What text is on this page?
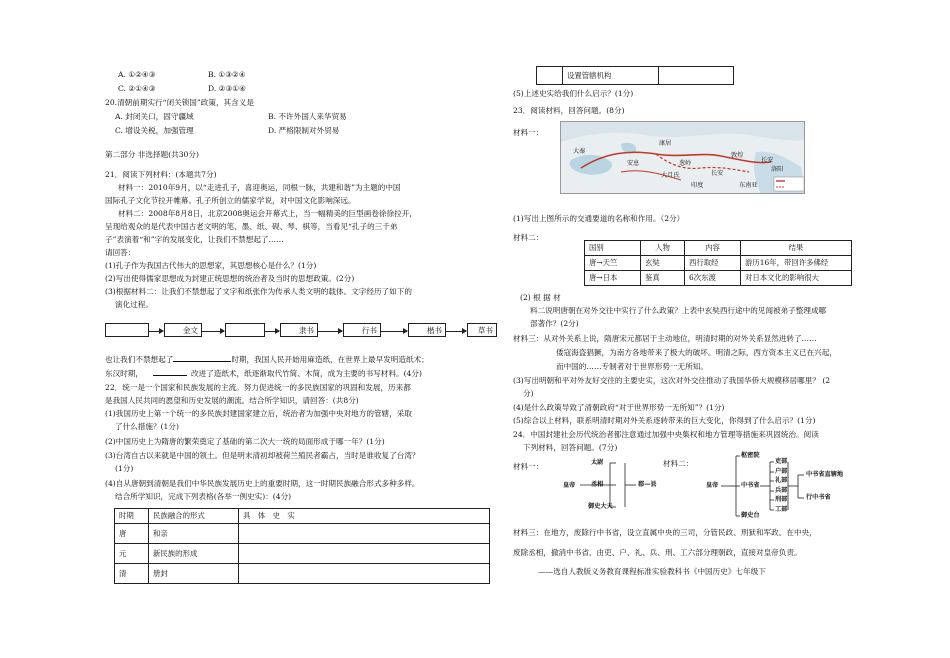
A. ①②④③	B. ①③②④
C. ②①④③	D. ②③①④
20.清朝前期实行“闭关锁国”政策，其含义是
A. 封闭关口，固守疆域	B. 不许外国人来华贸易
C. 增设关税，加强管理	D. 严格限制对外贸易
第二部分 非选择题(共30分)
21．阅读下列材料：(本题共7分)
材料一：2010年9月，以“走进孔子，喜迎奥运，同根一脉，共建和谐”为主题的中国
国际孔子文化节拉开帷幕。孔子所创立的儒家学说，对中国文化影响深远。
材料二：2008年8月8日，北京2008奥运会开幕式上，当一幅精美的巨型画卷徐徐拉开，
呈现给观众的是代表中国古老文明的笔、墨、纸、砚、琴、棋等，当看见“孔子的三千弟
子”表演着“和”字的发展变化，让我们不禁想起了……
请回答：
(1)孔子作为我国古代伟大的思想家，其思想核心是什么？(1分)
(2)写出使得儒家思想成为封建正统思想的统治者及当时的思想政策。(2分)
(3)根据材料二：让我们不禁想起了文字和纸张作为传承人类文明的载体。文字经历了如下的
演化过程。
金文	隶书	行书	楷书	草书
也让我们不禁想起了	时期，我国人民开始用麻造纸，在世界上最早发明造纸术；
东汉时期，	改进了造纸术，纸逐渐取代竹简、木简，成为主要的书写材料。(4分)
22．统一是一个国家和民族发展的主流。努力促进统一的多民族国家的巩固和发展，历来都
是我国人民共同的愿望和历史发展的潮流。结合所学知识，请回答：(共8分)
(1)我国历史上第一个统一的多民族封建国家建立后，统治者为加强中央对地方的管辖，采取
了什么措施？(1分)
(2)中国历史上为隋唐的繁荣奠定了基础的第二次大一统的局面形成于哪一年？(1分)
(3)台湾自古以来就是中国的领土。但是明末清初却被荷兰殖民者霸占，当时是谁收复了台湾？
(1分)
(4)自从唐朝到清朝是我们中华民族发展历史上的重要时期，这一时期民族融合形式多种多样。
结合所学知识，完成下列表格(各举一例史实)：(4分)
时期	民族融合的形式	具　体　史　实
唐	和亲	
元	新民族的形成	
清	册封	
	设置管辖机构	
(5)上述史实给我们什么启示？(1分)
23．阅读材料，回答问题。(8分)
材料一：
敦煌
长安
洛阳
葱岭
安息
大秦
康居
大月氏	长安
东南亚
印度
(1)写出上图所示的交通要道的名称和作用。（2分）
材料二：
国别	人物	内容	结果
唐→天竺	玄奘	西行取经	游历16年，带回许多佛经
唐→日本	鉴真	6次东渡	对日本文化的影响很大
(2) 根 据 材
料二说明唐朝在对外交往中实行了什么政策？上表中玄奘西行途中的见闻被弟子整理成哪
部著作？(2分)
材料三：从对外关系上说，隋唐宋元都居于主动地位，明清时期的对外关系显然进转了……
倭寇海盗猖獗，为南方各地带来了极大的破坏。明清之际，西方资本主义已在兴起，
而中国的……专制者对于世界形势一无所知。
(3)写出明朝和平对外友好交往的主要史实，这次对外交往推动了我国华侨大规模移居哪里？ (2
分)
(4)是什么政策导致了清朝政府“对于世界形势一无所知”？(1分)
(5)综合以上材料，联系明清时期对外关系逐转带来的巨大变化，你得到了什么启示？(1分)
24．中国封建社会历代统治者都注意通过加强中央集权和地方管理等措施来巩固统治。阅读
下列材料，回答问题。(7分)
材料一：	材料二：
皇帝
太尉
丞相
御史大夫
郡—县	皇帝
枢密院
中书省
御史台
吏部
户部
礼部
兵部
刑部
工部
中书省直辖地
行中书省
材料三：在地方，废除行中书省，设立直属中央的三司，分管民政、刑狱和军政。在中央，
废除丞相，撤消中书省，由吏、户、礼、兵、刑、工六部分理朝政，直接对皇帝负责。
——选自人教版义务教育课程标准实验教科书《中国历史》七年级下
